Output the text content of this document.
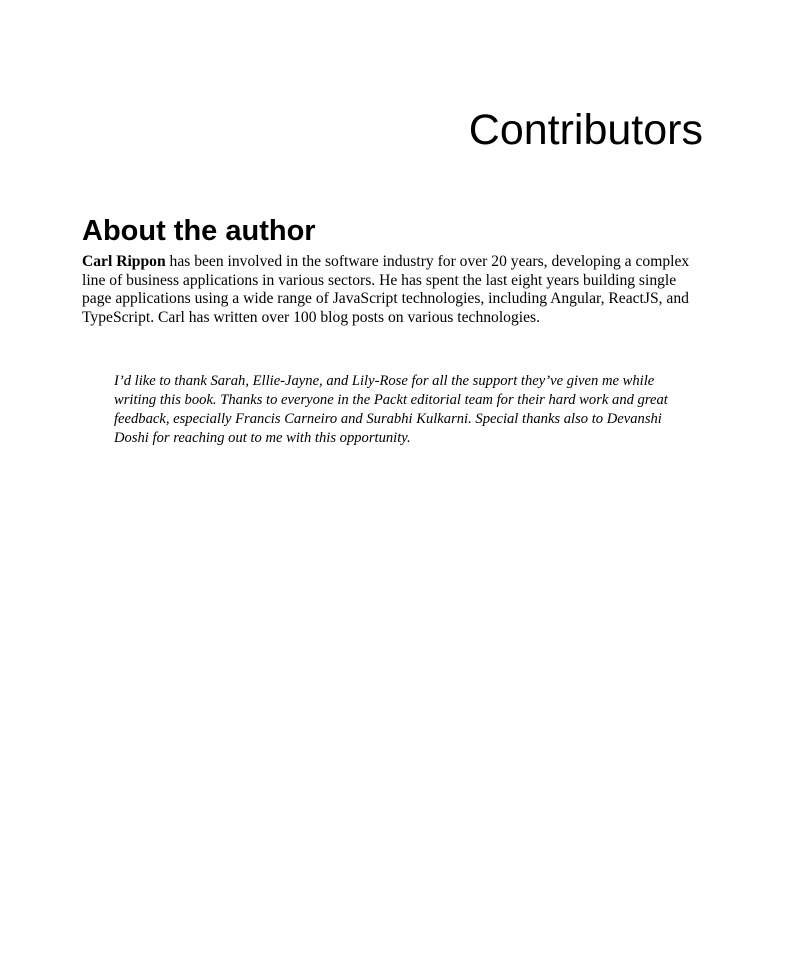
Contributors
About the author

Carl Rippon has been involved in the software industry for over 20 years, developing a complex line of business applications in various sectors. He has spent the last eight years building single page applications using a wide range of JavaScript technologies, including Angular, ReactJS, and TypeScript. Carl has written over 100 blog posts on various technologies.

I’d like to thank Sarah, Ellie-Jayne, and Lily-Rose for all the support they’ve given me while writing this book. Thanks to everyone in the Packt editorial team for their hard work and great feedback, especially Francis Carneiro and Surabhi Kulkarni. Special thanks also to Devanshi Doshi for reaching out to me with this opportunity.
